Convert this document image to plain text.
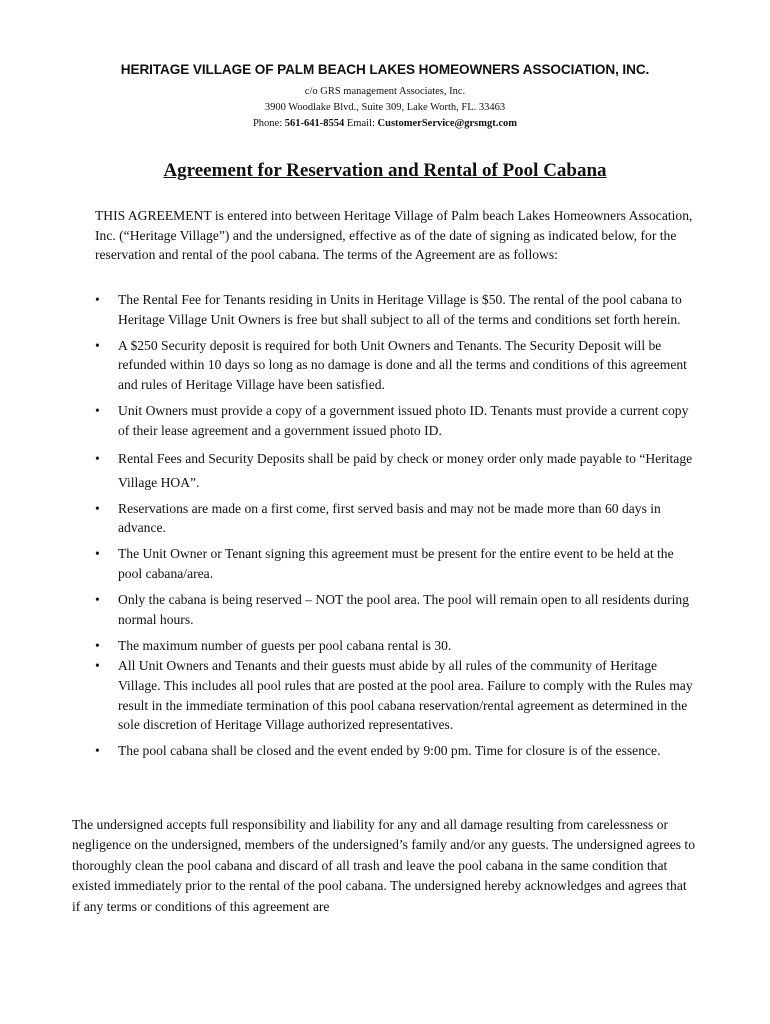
HERITAGE VILLAGE OF PALM BEACH LAKES HOMEOWNERS ASSOCIATION, INC.
c/o GRS management Associates, Inc.
3900 Woodlake Blvd., Suite 309, Lake Worth, FL. 33463
Phone: 561-641-8554 Email: CustomerService@grsmgt.com
Agreement for Reservation and Rental of Pool Cabana
THIS AGREEMENT is entered into between Heritage Village of Palm beach Lakes Homeowners Assocation, Inc. (“Heritage Village”) and the undersigned, effective as of the date of signing as indicated below, for the reservation and rental of the pool cabana. The terms of the Agreement are as follows:
• The Rental Fee for Tenants residing in Units in Heritage Village is $50. The rental of the pool cabana to Heritage Village Unit Owners is free but shall subject to all of the terms and conditions set forth herein.
• A $250 Security deposit is required for both Unit Owners and Tenants. The Security Deposit will be refunded within 10 days so long as no damage is done and all the terms and conditions of this agreement and rules of Heritage Village have been satisfied.
• Unit Owners must provide a copy of a government issued photo ID. Tenants must provide a current copy of their lease agreement and a government issued photo ID.
• Rental Fees and Security Deposits shall be paid by check or money order only made payable to “Heritage Village HOA”.
• Reservations are made on a first come, first served basis and may not be made more than 60 days in advance.
• The Unit Owner or Tenant signing this agreement must be present for the entire event to be held at the pool cabana/area.
• Only the cabana is being reserved – NOT the pool area. The pool will remain open to all residents during normal hours.
• The maximum number of guests per pool cabana rental is 30.
• All Unit Owners and Tenants and their guests must abide by all rules of the community of Heritage Village. This includes all pool rules that are posted at the pool area. Failure to comply with the Rules may result in the immediate termination of this pool cabana reservation/rental agreement as determined in the sole discretion of Heritage Village authorized representatives.
• The pool cabana shall be closed and the event ended by 9:00 pm. Time for closure is of the essence.
The undersigned accepts full responsibility and liability for any and all damage resulting from carelessness or negligence on the undersigned, members of the undersigned’s family and/or any guests. The undersigned agrees to thoroughly clean the pool cabana and discard of all trash and leave the pool cabana in the same condition that existed immediately prior to the rental of the pool cabana. The undersigned hereby acknowledges and agrees that if any terms or conditions of this agreement are
